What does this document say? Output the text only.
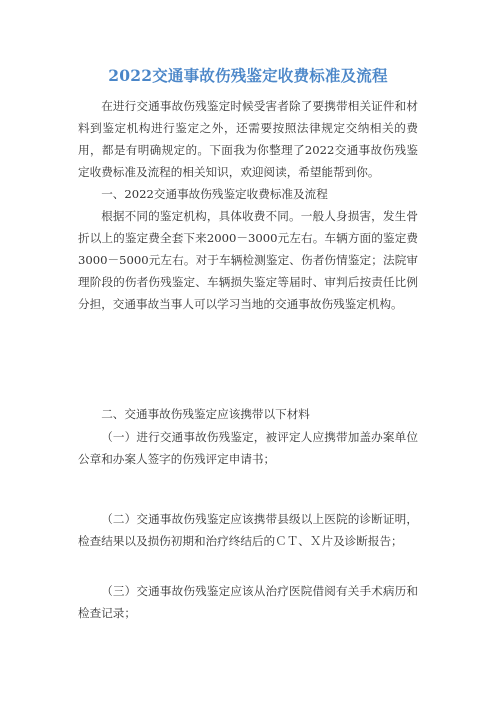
2022交通事故伤残鉴定收费标准及流程

在进行交通事故伤残鉴定时候受害者除了要携带相关证件和材料到鉴定机构进行鉴定之外，还需要按照法律规定交纳相关的费用，都是有明确规定的。下面我为你整理了2022交通事故伤残鉴定收费标准及流程的相关知识，欢迎阅读，希望能帮到你。

一、2022交通事故伤残鉴定收费标准及流程

根据不同的鉴定机构，具体收费不同。一般人身损害，发生骨折以上的鉴定费全套下来2000－3000元左右。车辆方面的鉴定费3000－5000元左右。对于车辆检测鉴定、伤者伤情鉴定；法院审理阶段的伤者伤残鉴定、车辆损失鉴定等届时、审判后按责任比例分担，交通事故当事人可以学习当地的交通事故伤残鉴定机构。

二、交通事故伤残鉴定应该携带以下材料

（一）进行交通事故伤残鉴定，被评定人应携带加盖办案单位公章和办案人签字的伤残评定申请书；

（二）交通事故伤残鉴定应该携带县级以上医院的诊断证明，检查结果以及损伤初期和治疗终结后的ＣＴ、Ｘ片及诊断报告；

（三）交通事故伤残鉴定应该从治疗医院借阅有关手术病历和检查记录；
